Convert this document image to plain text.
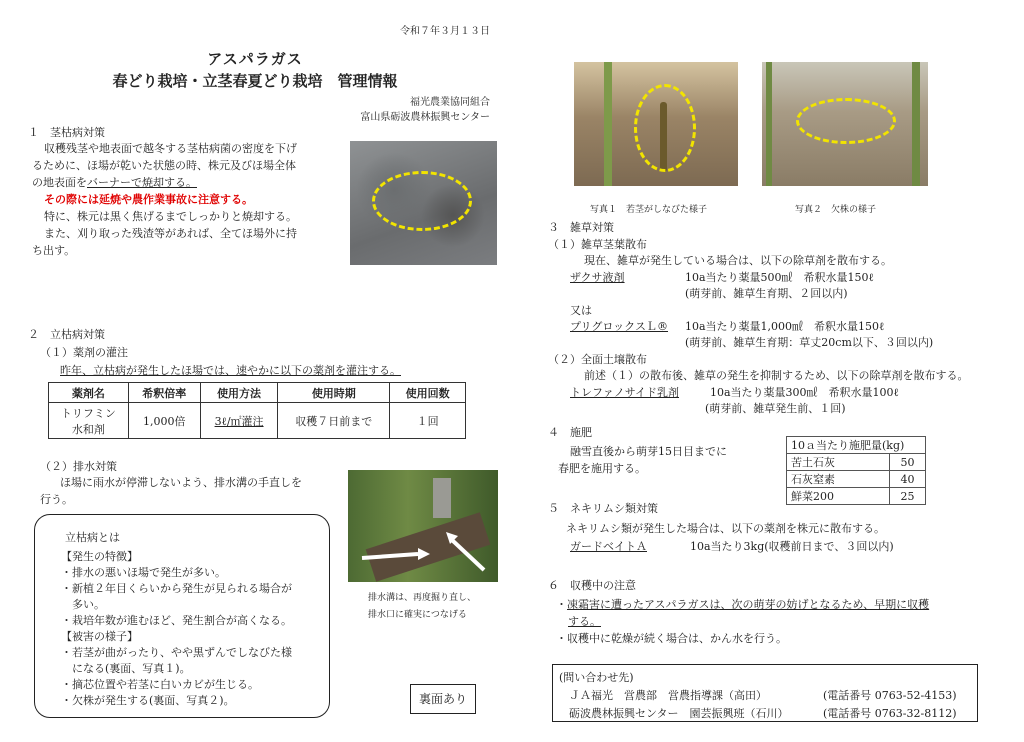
令和７年３月１３日
アスパラガス
春どり栽培・立茎春夏どり栽培　管理情報
福光農業協同組合
富山県砺波農林振興センター
１　茎枯病対策
収穫残茎や地表面で越冬する茎枯病菌の密度を下げ
るために、ほ場が乾いた状態の時、株元及びほ場全体
の地表面をバーナーで焼却する。
その際には延焼や農作業事故に注意する。
特に、株元は黒く焦げるまでしっかりと焼却する。
また、刈り取った残渣等があれば、全てほ場外に持
ち出す。
２　立枯病対策
（１）薬剤の灌注
昨年、立枯病が発生したほ場では、速やかに以下の薬剤を灌注する。
薬剤名	希釈倍率	使用方法	使用時期	使用回数

トリフミン
水和剤	1,000倍	3ℓ/㎡灌注	収穫７日前まで	１回
（２）排水対策
ほ場に雨水が停滞しないよう、排水溝の手直しを
行う。
排水溝は、再度掘り直し、
排水口に確実につなげる
立枯病とは
【発生の特徴】
・排水の悪いほ場で発生が多い。
・新植２年目くらいから発生が見られる場合が
多い。
・栽培年数が進むほど、発生割合が高くなる。
【被害の様子】
・若茎が曲がったり、やや黒ずんでしなびた様
になる(裏面、写真１)。
・摘芯位置や若茎に白いカビが生じる。
・欠株が発生する(裏面、写真２)。	裏面あり
写真１　若茎がしなびた様子	写真２　欠株の様子
３　雑草対策
（１）雑草茎葉散布
現在、雑草が発生している場合は、以下の除草剤を散布する。
ザクサ液剤	10a当たり薬量500㎖　希釈水量150ℓ
(萌芽前、雑草生育期、２回以内)
又は
プリグロックスＬ® 10a当たり薬量1,000㎖　希釈水量150ℓ
(萌芽前、雑草生育期：草丈20cm以下、３回以内)
（２）全面土壌散布
前述（１）の散布後、雑草の発生を抑制するため、以下の除草剤を散布する。
トレファノサイド乳剤	10a当たり薬量300㎖　希釈水量100ℓ
(萌芽前、雑草発生前、１回)
４　施肥
融雪直後から萌芽15日目までに
春肥を施用する。
10ａ当たり施肥量(kg)	
苦土石灰	50
石灰窒素	40
鮮菜200	25
５　ネキリムシ類対策
ネキリムシ類が発生した場合は、以下の薬剤を株元に散布する。
ガードベイトＡ	10a当たり3kg(収穫前日まで、３回以内)
６　収穫中の注意
・凍霜害に遭ったアスパラガスは、次の萌芽の妨げとなるため、早期に収穫
する。
・収穫中に乾燥が続く場合は、かん水を行う。
(問い合わせ先)
ＪＡ福光　営農部　営農指導課（高田）	(電話番号 0763-52-4153)
砺波農林振興センター　園芸振興班（石川）	(電話番号 0763-32-8112)
